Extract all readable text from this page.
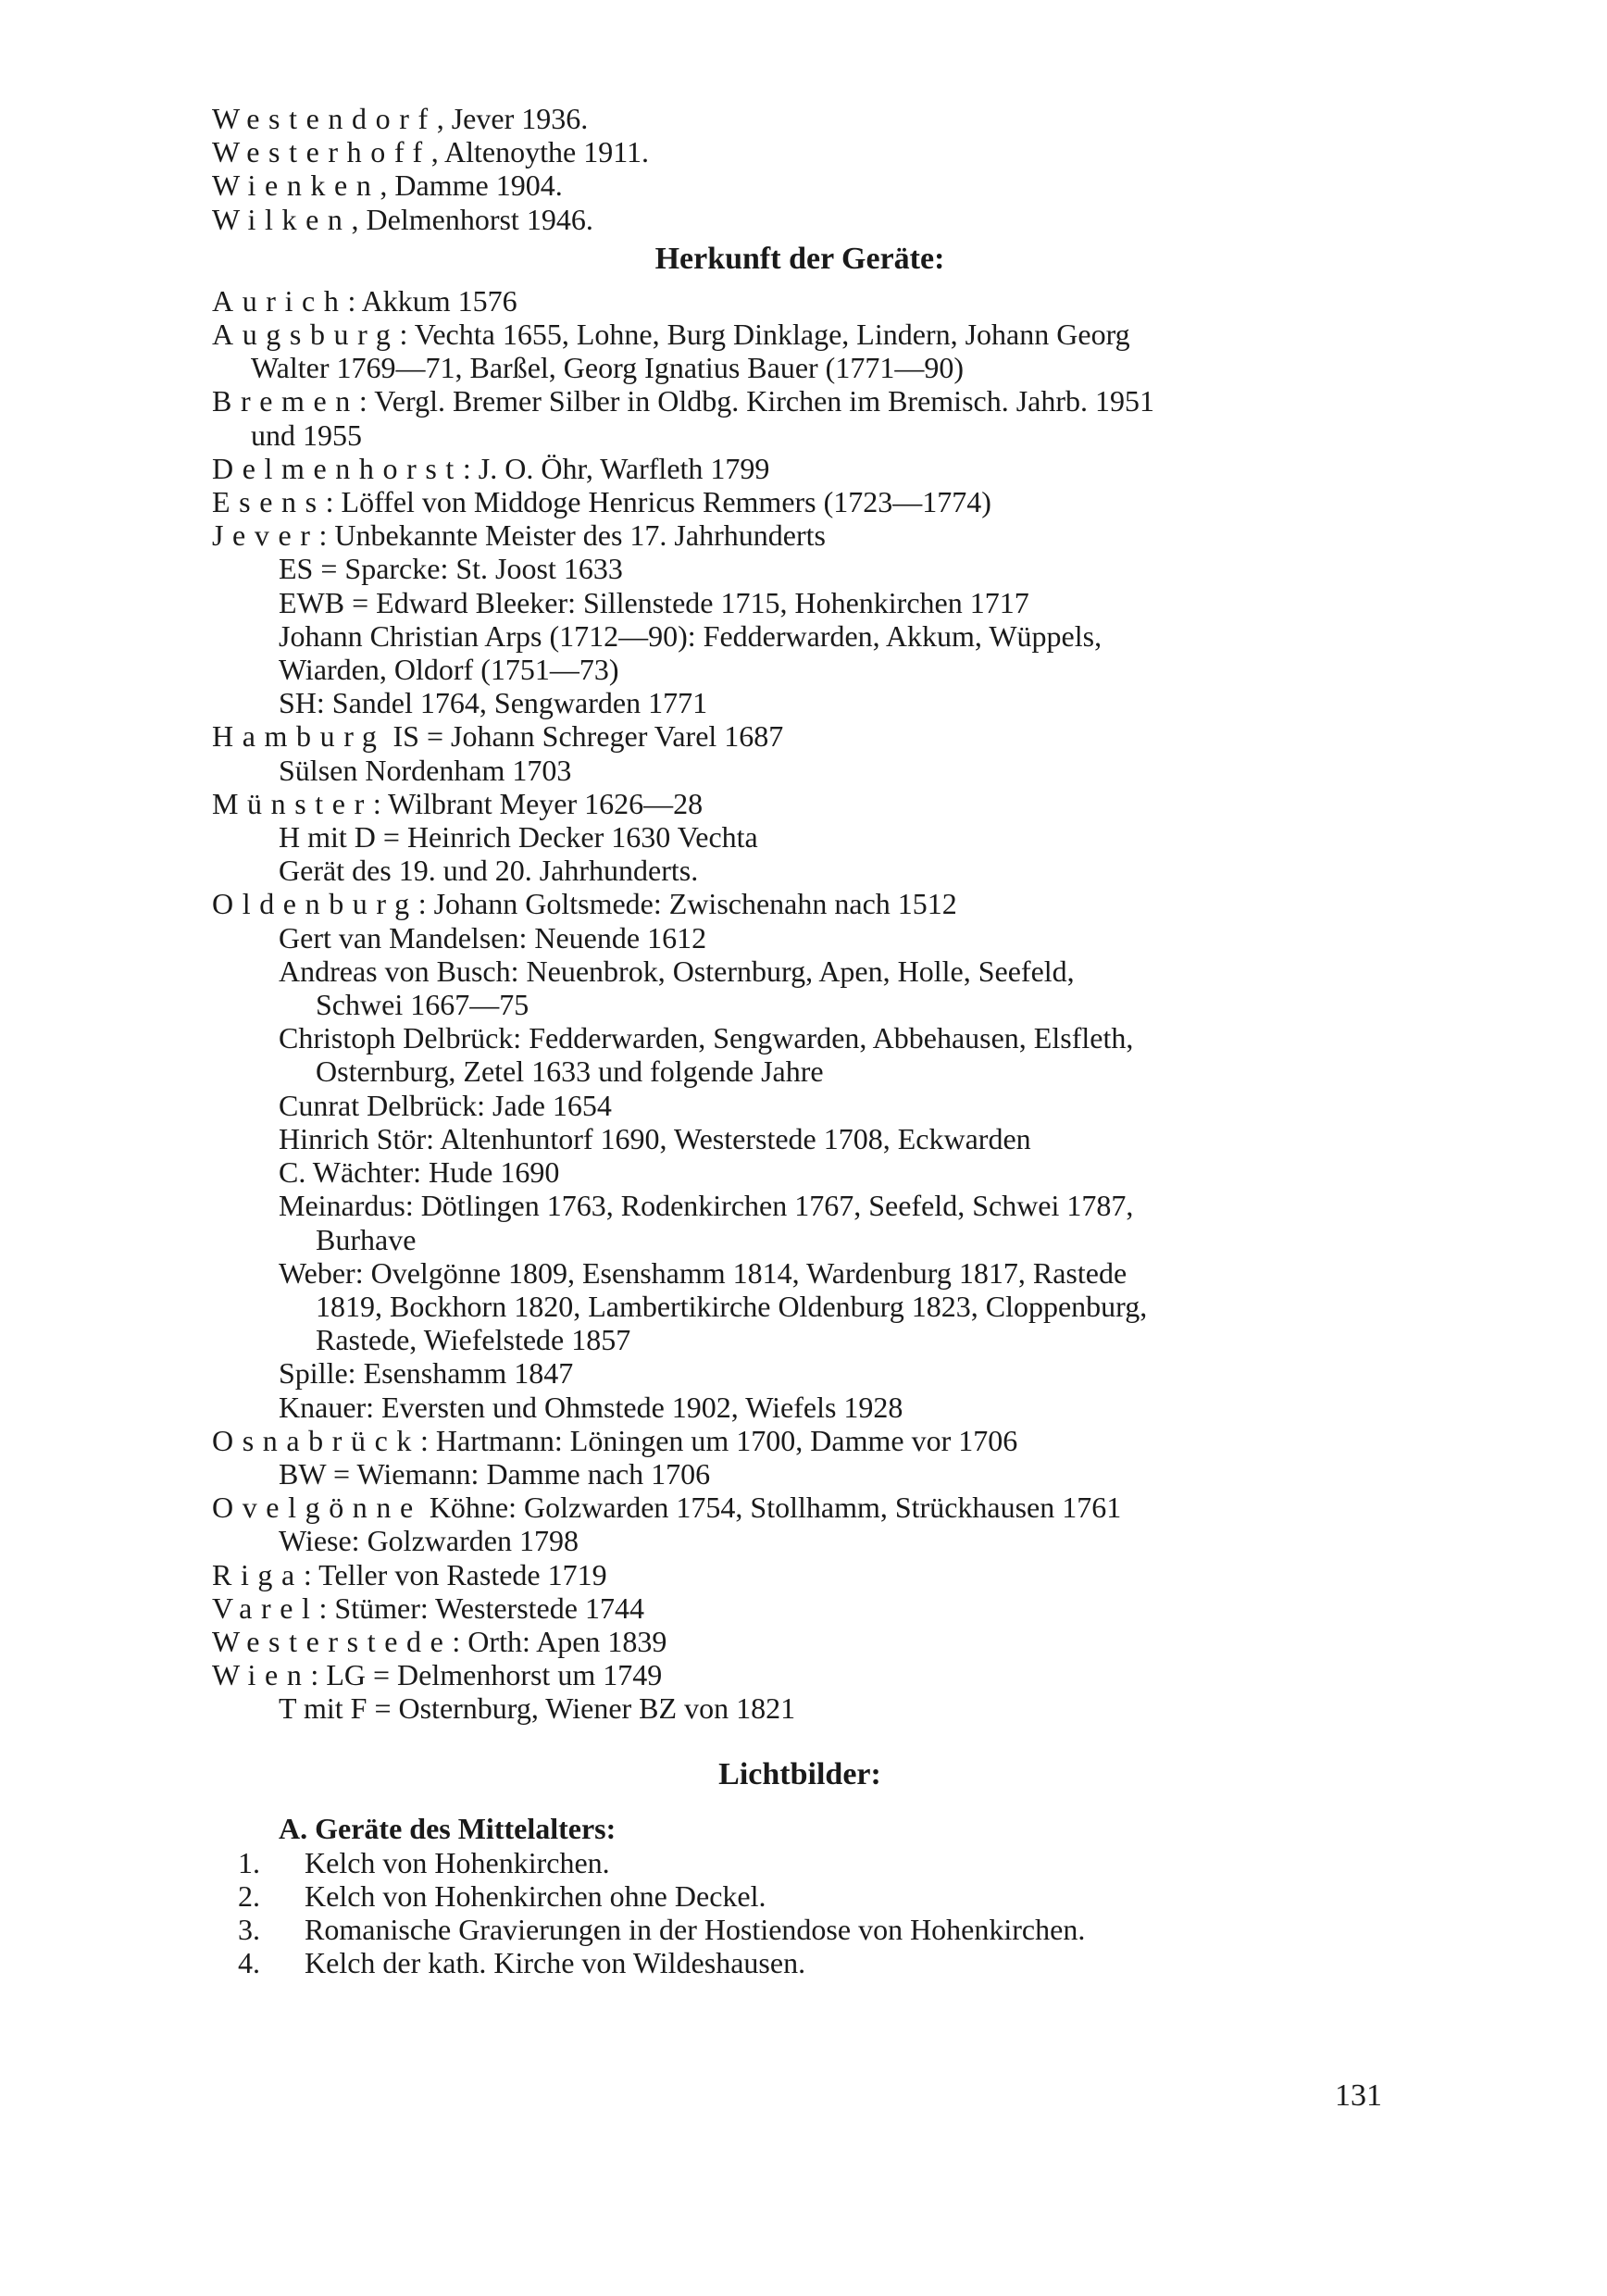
Westendorf, Jever 1936.
Westerhoff, Altenoythe 1911.
Wienken, Damme 1904.
Wilken, Delmenhorst 1946.
Herkunft der Geräte:
Aurich: Akkum 1576
Augsburg: Vechta 1655, Lohne, Burg Dinklage, Lindern, Johann Georg
Walter 1769—71, Barßel, Georg Ignatius Bauer (1771—90)
Bremen: Vergl. Bremer Silber in Oldbg. Kirchen im Bremisch. Jahrb. 1951
und 1955
Delmenhorst: J. O. Öhr, Warfleth 1799
Esens: Löffel von Middoge Henricus Remmers (1723—1774)
Jever: Unbekannte Meister des 17. Jahrhunderts
ES = Sparcke: St. Joost 1633
EWB = Edward Bleeker: Sillenstede 1715, Hohenkirchen 1717
Johann Christian Arps (1712—90): Fedderwarden, Akkum, Wüppels,
Wiarden, Oldorf (1751—73)
SH: Sandel 1764, Sengwarden 1771
Hamburg IS = Johann Schreger Varel 1687
Sülsen Nordenham 1703
Münster: Wilbrant Meyer 1626—28
H mit D = Heinrich Decker 1630 Vechta
Gerät des 19. und 20. Jahrhunderts.
Oldenburg: Johann Goltsmede: Zwischenahn nach 1512
Gert van Mandelsen: Neuende 1612
Andreas von Busch: Neuenbrok, Osternburg, Apen, Holle, Seefeld,
Schwei 1667—75
Christoph Delbrück: Fedderwarden, Sengwarden, Abbehausen, Elsfleth,
Osternburg, Zetel 1633 und folgende Jahre
Cunrat Delbrück: Jade 1654
Hinrich Stör: Altenhuntorf 1690, Westerstede 1708, Eckwarden
C. Wächter: Hude 1690
Meinardus: Dötlingen 1763, Rodenkirchen 1767, Seefeld, Schwei 1787,
Burhave
Weber: Ovelgönne 1809, Esenshamm 1814, Wardenburg 1817, Rastede
1819, Bockhorn 1820, Lambertikirche Oldenburg 1823, Cloppenburg,
Rastede, Wiefelstede 1857
Spille: Esenshamm 1847
Knauer: Eversten und Ohmstede 1902, Wiefels 1928
Osnabrück: Hartmann: Löningen um 1700, Damme vor 1706
BW = Wiemann: Damme nach 1706
Ovelgönne Köhne: Golzwarden 1754, Stollhamm, Strückhausen 1761
Wiese: Golzwarden 1798
Riga: Teller von Rastede 1719
Varel: Stümer: Westerstede 1744
Westerstede: Orth: Apen 1839
Wien: LG = Delmenhorst um 1749
T mit F = Osternburg, Wiener BZ von 1821
Lichtbilder:
A. Geräte des Mittelalters:
1. Kelch von Hohenkirchen.
2. Kelch von Hohenkirchen ohne Deckel.
3. Romanische Gravierungen in der Hostiendose von Hohenkirchen.
4. Kelch der kath. Kirche von Wildeshausen.
131
